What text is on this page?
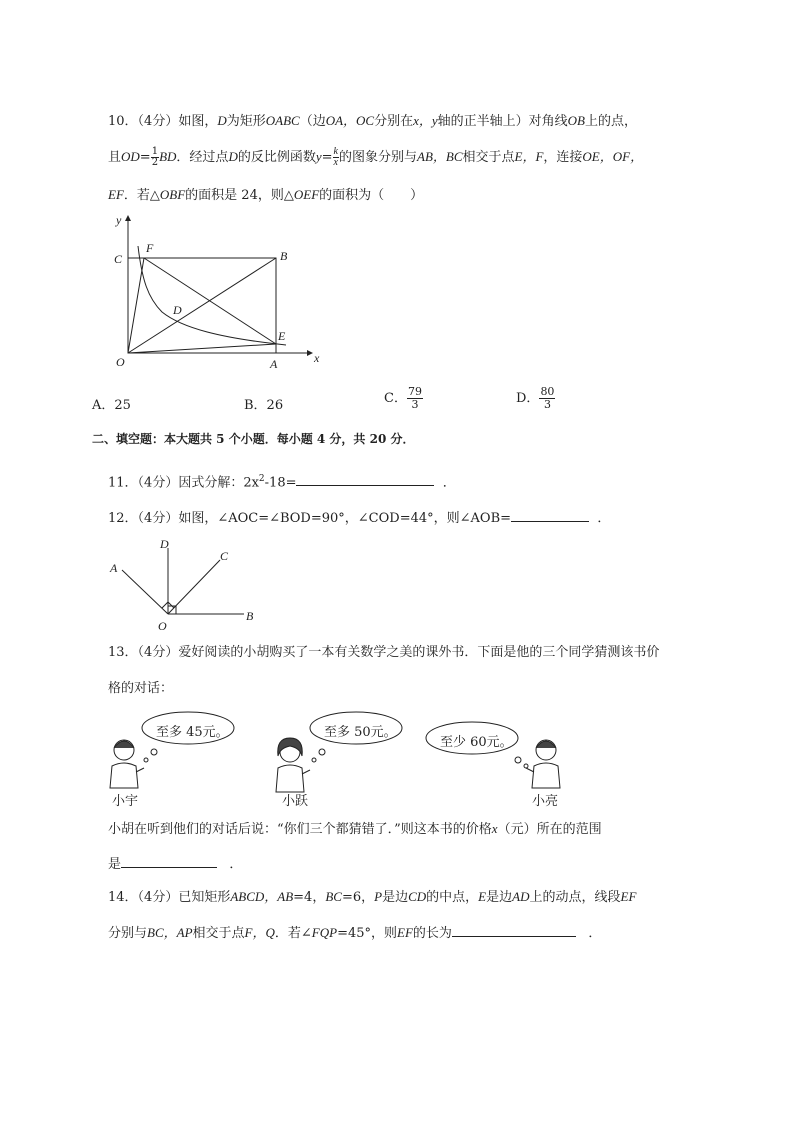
10．（4分）如图，D为矩形OABC（边OA，OC分别在x，y轴的正半轴上）对角线OB上的点，
且$OD= \frac{1}{2}$ BD．经过点D的反比例函数$y= \frac{k}{x}$ 的图象分别与AB，BC相交于点E，F，连接OE，OF，
EF．若△OBF的面积是 24，则△OEF的面积为（　　）
y
x
C
F
B
D
E
O	A
A．25	B．26	C． $\frac{79}{3}$	D． $\frac{80}{3}$
二、填空题：本大题共 5 个小题．每小题 4 分，共 20 分．
11．（4分）因式分解：$2x^2-18=$	．
12．（4分）如图，∠AOC=∠BOD=90°，∠COD=44°，则∠AOB=	．
A
D
C
B
O
13．（4分）爱好阅读的小胡购买了一本有关数学之美的课外书．下面是他的三个同学猜测该书价
格的对话：
至多 45元。	至多 50元。
至少 60元。
小宇	小跃	小亮
小胡在听到他们的对话后说：“你们三个都猜错了．”则这本书的价格x（元）所在的范围
是	．
14．（4分）已知矩形ABCD，AB=4，BC=6，P是边CD的中点，E是边AD上的动点，线段EF
分别与BC，AP相交于点F，Q．若∠FQP=45°，则EF的长为	．
